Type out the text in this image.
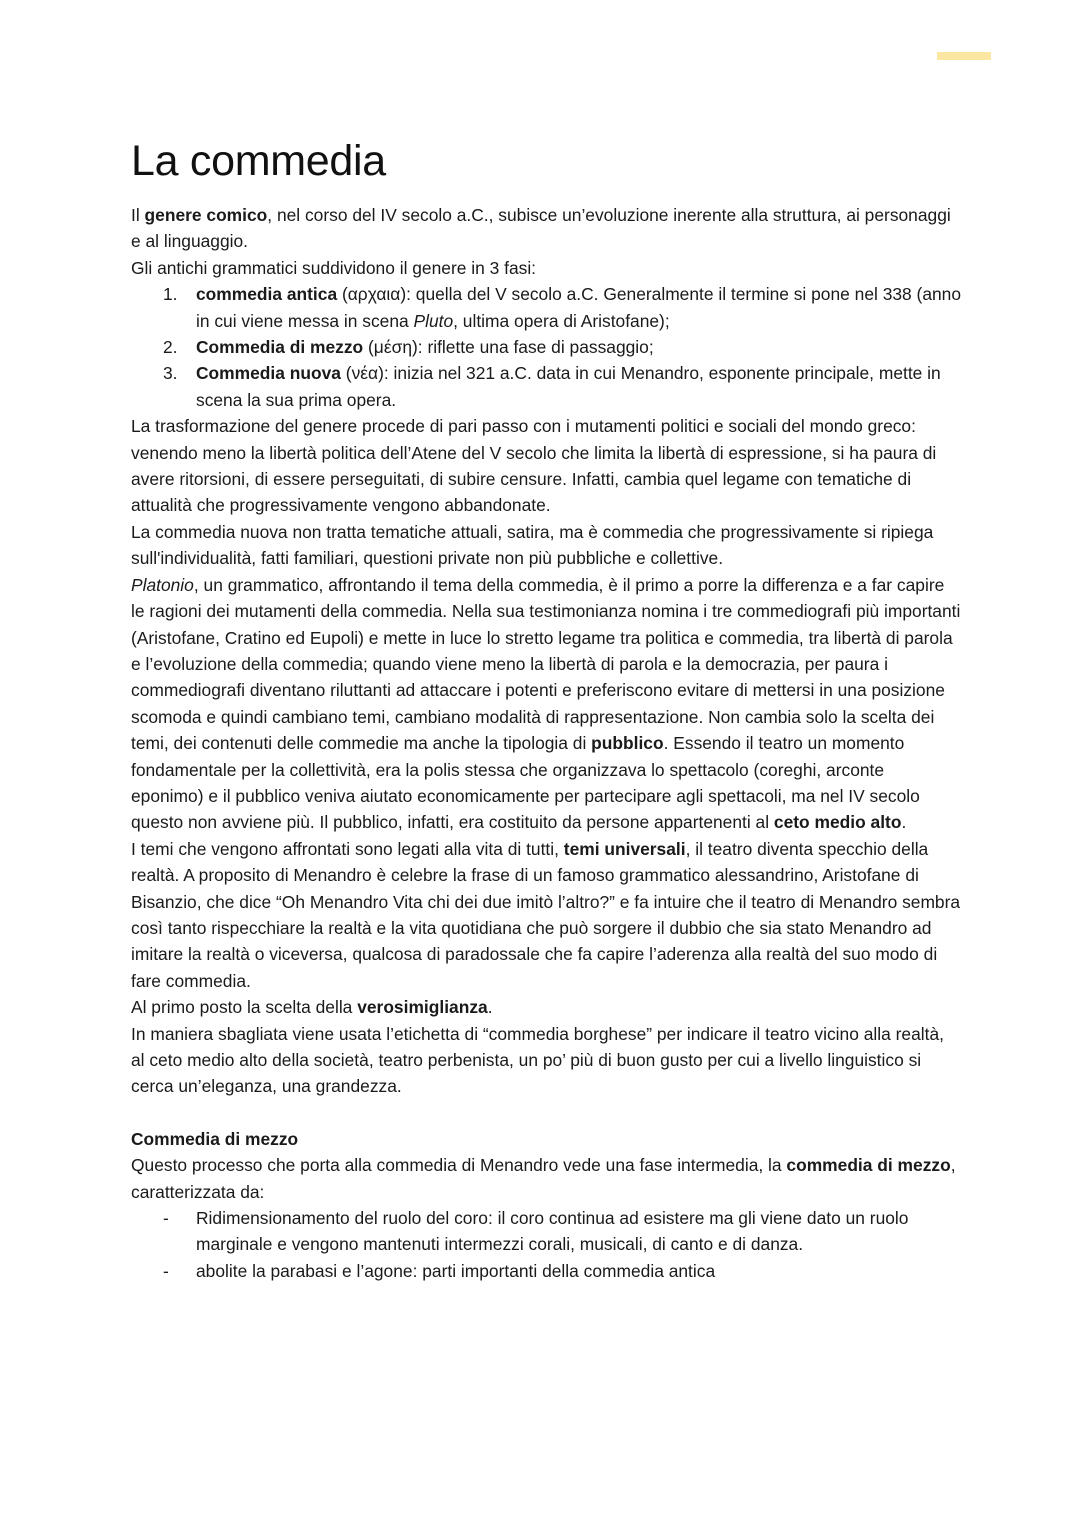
La commedia

Il genere comico, nel corso del IV secolo a.C., subisce un’evoluzione inerente alla struttura, ai personaggi e al linguaggio.

Gli antichi grammatici suddividono il genere in 3 fasi:

1. commedia antica (αρχαια): quella del V secolo a.C. Generalmente il termine si pone nel 338 (anno in cui viene messa in scena Pluto, ultima opera di Aristofane);
2. Commedia di mezzo (μέση): riflette una fase di passaggio;
3. Commedia nuova (νέα): inizia nel 321 a.C. data in cui Menandro, esponente principale, mette in scena la sua prima opera.

La trasformazione del genere procede di pari passo con i mutamenti politici e sociali del mondo greco: venendo meno la libertà politica dell’Atene del V secolo che limita la libertà di espressione, si ha paura di avere ritorsioni, di essere perseguitati, di subire censure. Infatti, cambia quel legame con tematiche di attualità che progressivamente vengono abbandonate.

La commedia nuova non tratta tematiche attuali, satira, ma è commedia che progressivamente si ripiega sull'individualità, fatti familiari, questioni private non più pubbliche e collettive.

Platonio, un grammatico, affrontando il tema della commedia, è il primo a porre la differenza e a far capire le ragioni dei mutamenti della commedia. Nella sua testimonianza nomina i tre commediografi più importanti (Aristofane, Cratino ed Eupoli) e mette in luce lo stretto legame tra politica e commedia, tra libertà di parola e l’evoluzione della commedia; quando viene meno la libertà di parola e la democrazia, per paura i commediografi diventano riluttanti ad attaccare i potenti e preferiscono evitare di mettersi in una posizione scomoda e quindi cambiano temi, cambiano modalità di rappresentazione. Non cambia solo la scelta dei temi, dei contenuti delle commedie ma anche la tipologia di pubblico. Essendo il teatro un momento fondamentale per la collettività, era la polis stessa che organizzava lo spettacolo (coreghi, arconte eponimo) e il pubblico veniva aiutato economicamente per partecipare agli spettacoli, ma nel IV secolo questo non avviene più. Il pubblico, infatti, era costituito da persone appartenenti al ceto medio alto.

I temi che vengono affrontati sono legati alla vita di tutti, temi universali, il teatro diventa specchio della realtà. A proposito di Menandro è celebre la frase di un famoso grammatico alessandrino, Aristofane di Bisanzio, che dice “Oh Menandro Vita chi dei due imitò l’altro?” e fa intuire che il teatro di Menandro sembra così tanto rispecchiare la realtà e la vita quotidiana che può sorgere il dubbio che sia stato Menandro ad imitare la realtà o viceversa, qualcosa di paradossale che fa capire l’aderenza alla realtà del suo modo di fare commedia.

Al primo posto la scelta della verosimiglianza.

In maniera sbagliata viene usata l’etichetta di “commedia borghese” per indicare il teatro vicino alla realtà, al ceto medio alto della società, teatro perbenista, un po’ più di buon gusto per cui a livello linguistico si cerca un’eleganza, una grandezza.

Commedia di mezzo

Questo processo che porta alla commedia di Menandro vede una fase intermedia, la commedia di mezzo, caratterizzata da:

- Ridimensionamento del ruolo del coro: il coro continua ad esistere ma gli viene dato un ruolo marginale e vengono mantenuti intermezzi corali, musicali, di canto e di danza.
- abolite la parabasi e l’agone: parti importanti della commedia antica
